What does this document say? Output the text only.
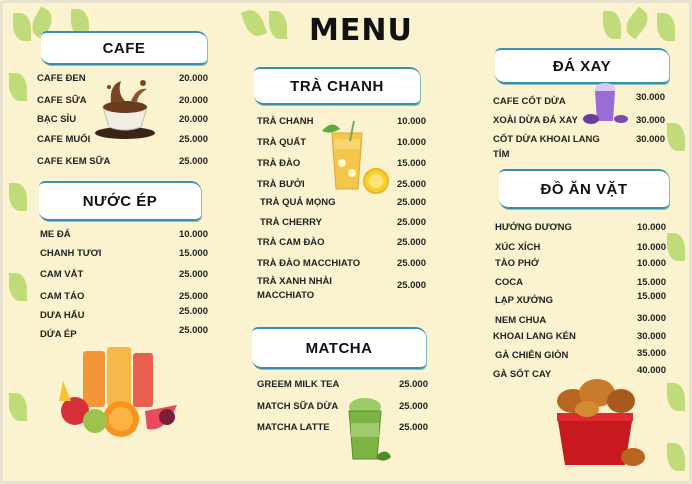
MENU
CAFE
CAFE ĐEN	20.000
CAFE SỮA	20.000
BẠC SỈU	20.000
CAFE MUỐI	25.000
CAFE KEM SỮA	25.000
NƯỚC ÉP
ME ĐÁ	10.000
CHANH TƯƠI	15.000
CAM VẮT	25.000
CAM TÁO	25.000
DƯA HẤU	25.000
DỨA ÉP	25.000
TRÀ CHANH
TRÀ CHANH	10.000
TRÀ QUẤT	10.000
TRÀ ĐÀO	15.000
TRÀ BƯỞI	25.000
TRÀ QUẢ MỌNG	25.000
TRÀ CHERRY	25.000
TRÀ CAM ĐÀO	25.000
TRÀ ĐÀO MACCHIATO	25.000
TRÀ XANH NHÀI
MACCHIATO
25.000
MATCHA
GREEM MILK TEA	25.000
MATCH SỮA DỪA	25.000
MATCHA LATTE	25.000
ĐÁ XAY
CAFE CỐT DỪA	30.000
XOÀI DỪA ĐÁ XAY	30.000
CỐT DỪA KHOAI LANG
TÍM
30.000
ĐỒ ĂN VẶT
HƯỚNG DƯƠNG	10.000
XÚC XÍCH	10.000
TÀO PHỚ	10.000
COCA	15.000
LẠP XƯỞNG	15.000
NEM CHUA	30.000
KHOAI LANG KÉN	30.000
GÀ CHIÊN GIÒN	35.000
GÀ SỐT CAY	40.000
